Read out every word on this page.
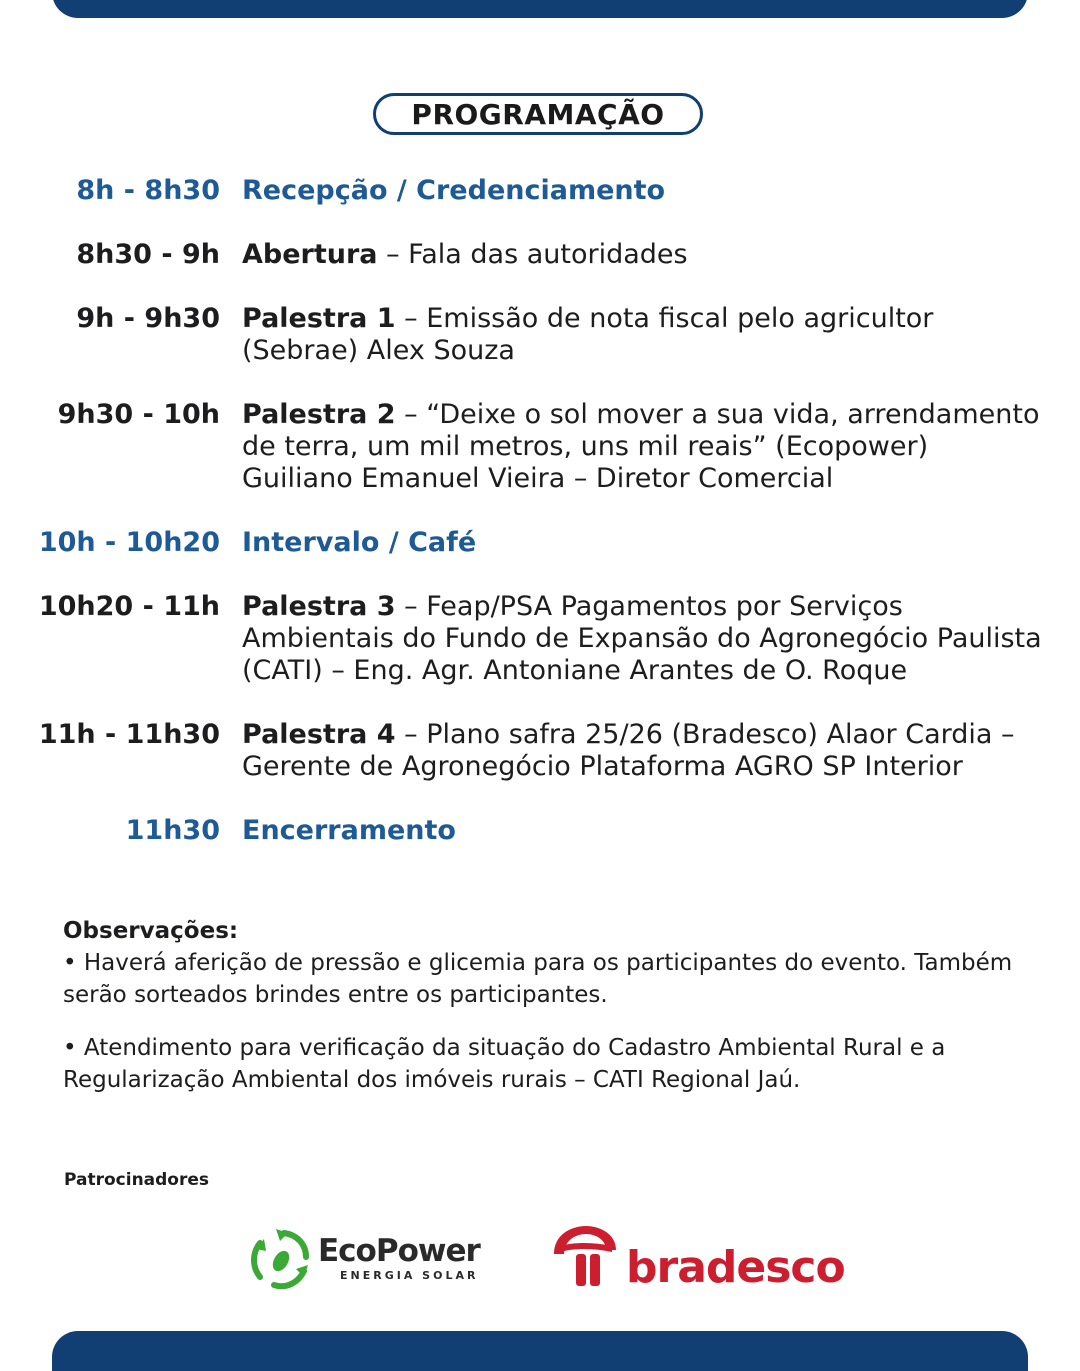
PROGRAMAÇÃO
8h - 8h30 Recepção / Credenciamento
8h30 - 9h Abertura – Fala das autoridades
9h - 9h30 Palestra 1 – Emissão de nota fiscal pelo agricultor (Sebrae) Alex Souza
9h30 - 10h Palestra 2 – “Deixe o sol mover a sua vida, arrendamento de terra, um mil metros, uns mil reais” (Ecopower) Guiliano Emanuel Vieira – Diretor Comercial
10h - 10h20 Intervalo / Café
10h20 - 11h Palestra 3 – Feap/PSA Pagamentos por Serviços Ambientais do Fundo de Expansão do Agronegócio Paulista (CATI) – Eng. Agr. Antoniane Arantes de O. Roque
11h - 11h30 Palestra 4 – Plano safra 25/26 (Bradesco) Alaor Cardia – Gerente de Agronegócio Plataforma AGRO SP Interior
11h30 Encerramento
Observações:
• Haverá aferição de pressão e glicemia para os participantes do evento. Também serão sorteados brindes entre os participantes.
• Atendimento para verificação da situação do Cadastro Ambiental Rural e a Regularização Ambiental dos imóveis rurais – CATI Regional Jaú.
Patrocinadores
EcoPower
ENERGIA SOLAR	bradesco
